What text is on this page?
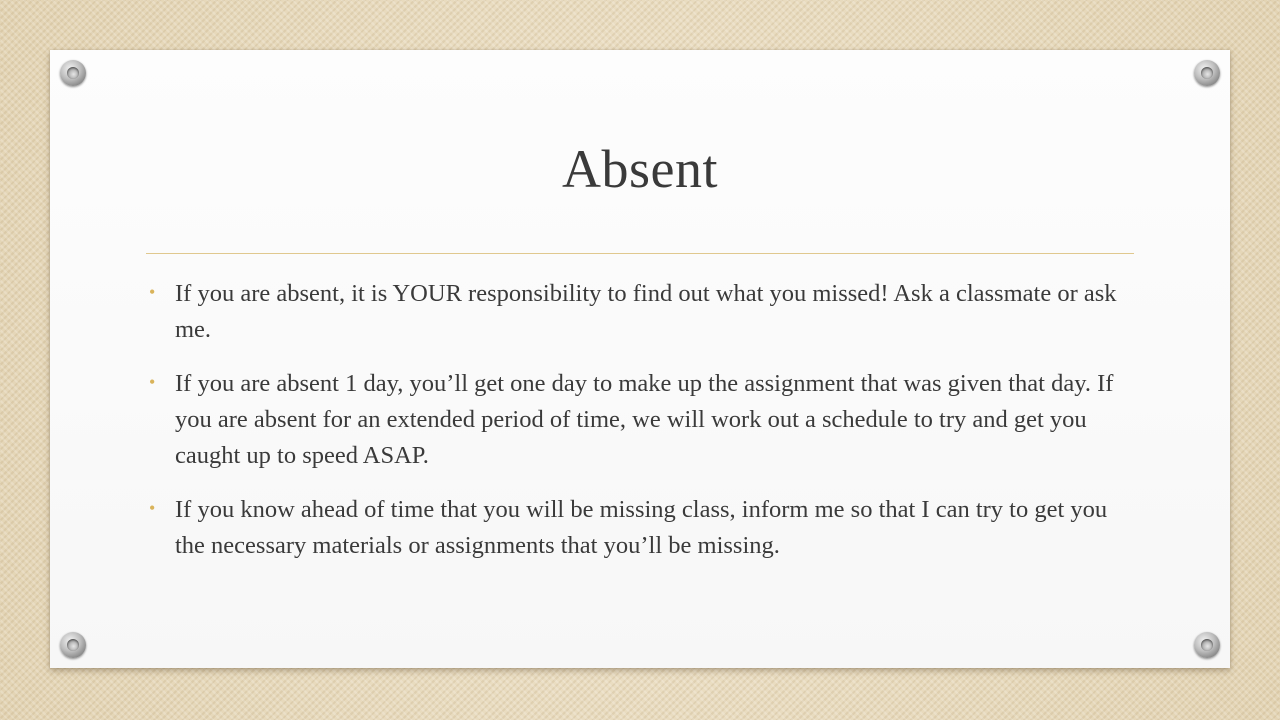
Absent
• If you are absent, it is YOUR responsibility to find out what you missed! Ask a classmate or ask me.
• If you are absent 1 day, you’ll get one day to make up the assignment that was given that day. If you are absent for an extended period of time, we will work out a schedule to try and get you caught up to speed ASAP.
• If you know ahead of time that you will be missing class, inform me so that I can try to get you the necessary materials or assignments that you’ll be missing.
